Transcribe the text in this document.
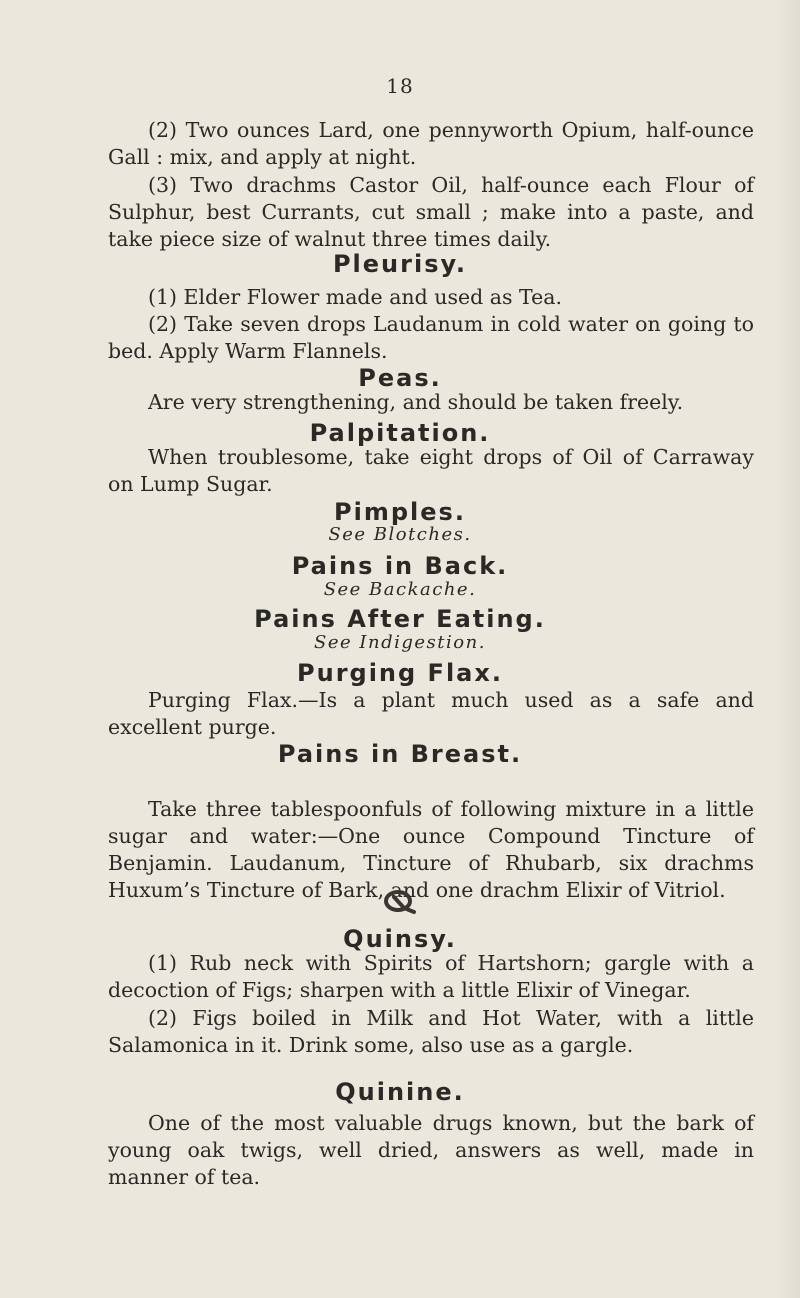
18
(2) Two ounces Lard, one pennyworth Opium, half-ounce Gall : mix, and apply at night.
(3) Two drachms Castor Oil, half-ounce each Flour of Sulphur, best Currants, cut small ; make into a paste, and take piece size of walnut three times daily.
Pleurisy.
(1) Elder Flower made and used as Tea.
(2) Take seven drops Laudanum in cold water on going to bed. Apply Warm Flannels.
Peas.
Are very strengthening, and should be taken freely.
Palpitation.
When troublesome, take eight drops of Oil of Carraway on Lump Sugar.
Pimples.
See Blotches.
Pains in Back.
See Backache.
Pains After Eating.
See Indigestion.
Purging Flax.
Purging Flax.—Is a plant much used as a safe and excellent purge.
Pains in Breast.
Take three tablespoonfuls of following mixture in a little sugar and water:—One ounce Compound Tincture of Benjamin. Laudanum, Tincture of Rhubarb, six drachms Huxum’s Tincture of Bark, and one drachm Elixir of Vitriol.
Quinsy.
(1) Rub neck with Spirits of Hartshorn; gargle with a decoction of Figs; sharpen with a little Elixir of Vinegar.
(2) Figs boiled in Milk and Hot Water, with a little Salamonica in it. Drink some, also use as a gargle.
Quinine.
One of the most valuable drugs known, but the bark of young oak twigs, well dried, answers as well, made in manner of tea.
